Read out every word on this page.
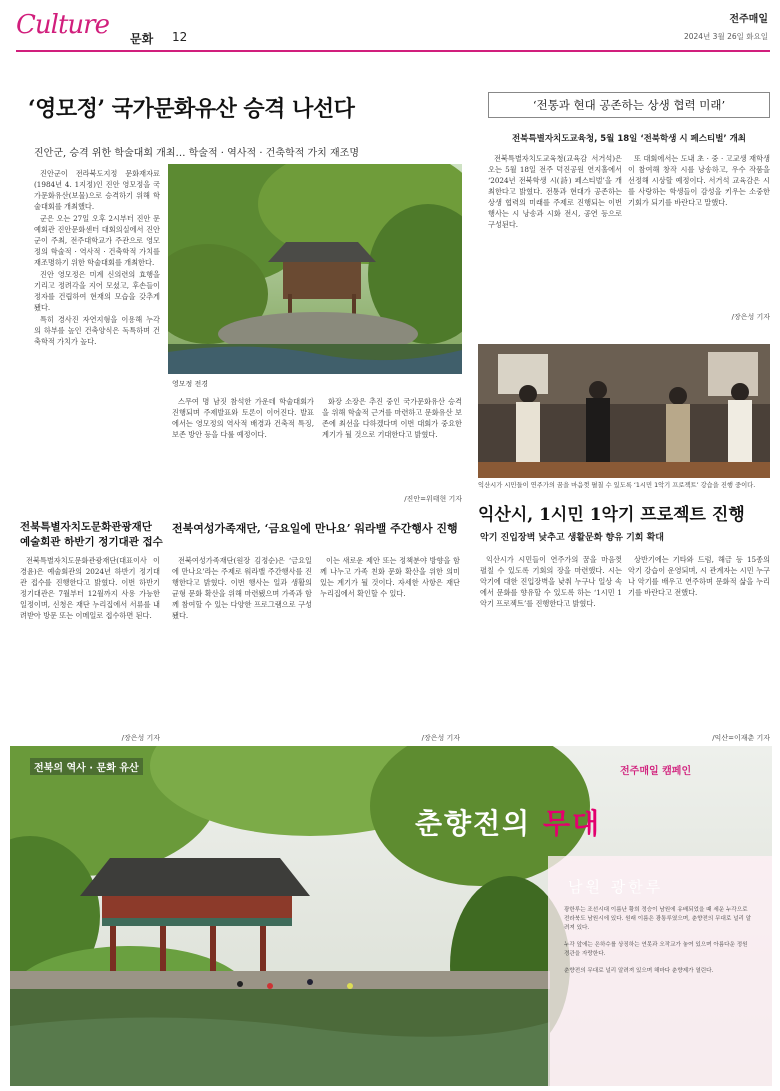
Culture 문화 12
전주매일
2024년 3월 26일 화요일
‘영모정’ 국가문화유산 승격 나선다
진안군, 승격 위한 학술대회 개최… 학술적 · 역사적 · 건축학적 가치 재조명

진안군이 전라북도지정 문화재자료(1984년 4. 1지정)인 진안 영모정을 국가문화유산(보물)으로 승격하기 위해 학술대회를 개최했다.

군은 오는 27일 오후 2시부터 진안 문예회관 진안문화센터 대회의실에서 진안군이 주최, 전주대학교가 주관으로 영모정의 학술적 · 역사적 · 건축학적 가치를 재조명하기 위한 학술대회를 개최한다.

진안 영모정은 미계 신의련의 효행을 기리고 정려각을 지어 모셨고, 후손들이 정자를 건립하여 현재의 모습을 갖추게 됐다.

특히 경사진 자연지형을 이용해 누각의 하부를 높인 건축양식은 독특하며 건축학적 가치가 높다.

영모정 전경

스무여 명 남짓 참석한 가운데 학술대회가 진행되며 주제발표와 토론이 이어진다. 발표에서는 영모정의 역사적 배경과 건축적 특징, 보존 방안 등을 다룰 예정이다.

화장 소장은 추진 중인 국가문화유산 승격을 위해 학술적 근거를 마련하고 문화유산 보존에 최선을 다하겠다며 이번 대회가 중요한 계기가 될 것으로 기대한다고 밝혔다.

/진안=위태현 기자
‘전통과 현대 공존하는 상생 협력 미래’
전북특별자치도교육청, 5월 18일 ‘전북학생 시 페스티벌’ 개최

전북특별자치도교육청(교육감 서거석)은 오는 5월 18일 전주 덕진공원 연지홀에서 ‘2024년 전북학생 시(詩) 페스티벌’을 개최한다고 밝혔다. 전통과 현대가 공존하는 상생 협력의 미래를 주제로 진행되는 이번 행사는 시 낭송과 시화 전시, 공연 등으로 구성된다.

또 대회에서는 도내 초 · 중 · 고교생 재학생이 참여해 창작 시를 낭송하고, 우수 작품을 선정해 시상할 예정이다. 서거석 교육감은 시를 사랑하는 학생들이 감성을 키우는 소중한 기회가 되기를 바란다고 말했다.

/장은성 기자
익산시가 시민들이 연주가의 꿈을 마음껏 펼칠 수 있도록 ‘1시민 1악기 프로젝트’ 강습을 진행 중이다.
전북특별자치도문화관광재단
예술회관 하반기 정기대관 접수

전북특별자치도문화관광재단(대표이사 이경윤)은 예술회관의 2024년 하반기 정기대관 접수를 진행한다고 밝혔다. 이번 하반기 정기대관은 7월부터 12월까지 사용 가능한 일정이며, 신청은 재단 누리집에서 서류를 내려받아 방문 또는 이메일로 접수하면 된다.

/장은성 기자
전북여성가족재단, ‘금요일에 만나요’ 워라밸 주간행사 진행

전북여성가족재단(원장 김정순)은 ‘금요일에 만나요’라는 주제로 워라밸 주간행사를 진행한다고 밝혔다. 이번 행사는 일과 생활의 균형 문화 확산을 위해 마련됐으며 가족과 함께 참여할 수 있는 다양한 프로그램으로 구성됐다.

이는 새로운 제안 또는 정책분야 방향을 함께 나누고 가족 친화 문화 확산을 위한 의미있는 계기가 될 것이다. 자세한 사항은 재단 누리집에서 확인할 수 있다.

/장은성 기자
익산시, 1시민 1악기 프로젝트 진행
악기 진입장벽 낮추고 생활문화 향유 기회 확대

익산시가 시민들이 연주가의 꿈을 마음껏 펼칠 수 있도록 기회의 장을 마련했다. 시는 악기에 대한 진입장벽을 낮춰 누구나 일상 속에서 문화를 향유할 수 있도록 하는 ‘1시민 1악기 프로젝트’를 진행한다고 밝혔다.

상반기에는 기타와 드럼, 해금 등 15종의 악기 강습이 운영되며, 시 관계자는 시민 누구나 악기를 배우고 연주하며 문화적 삶을 누리기를 바란다고 전했다.

/익산=이재춘 기자
전북의 역사 · 문화 유산	전주매일 캠페인
춘향전의 무대
남원 광한루

광한루는 조선시대 이름난 황희 정승이 남원에 유배되었을 때 세운 누각으로 전라북도 남원시에 있다. 원래 이름은 광통루였으며, 춘향전의 무대로 널리 알려져 있다.

누각 앞에는 은하수를 상징하는 연못과 오작교가 놓여 있으며 아름다운 정원 경관을 자랑한다.

춘향전의 무대로 널리 알려져 있으며 해마다 춘향제가 열린다.
